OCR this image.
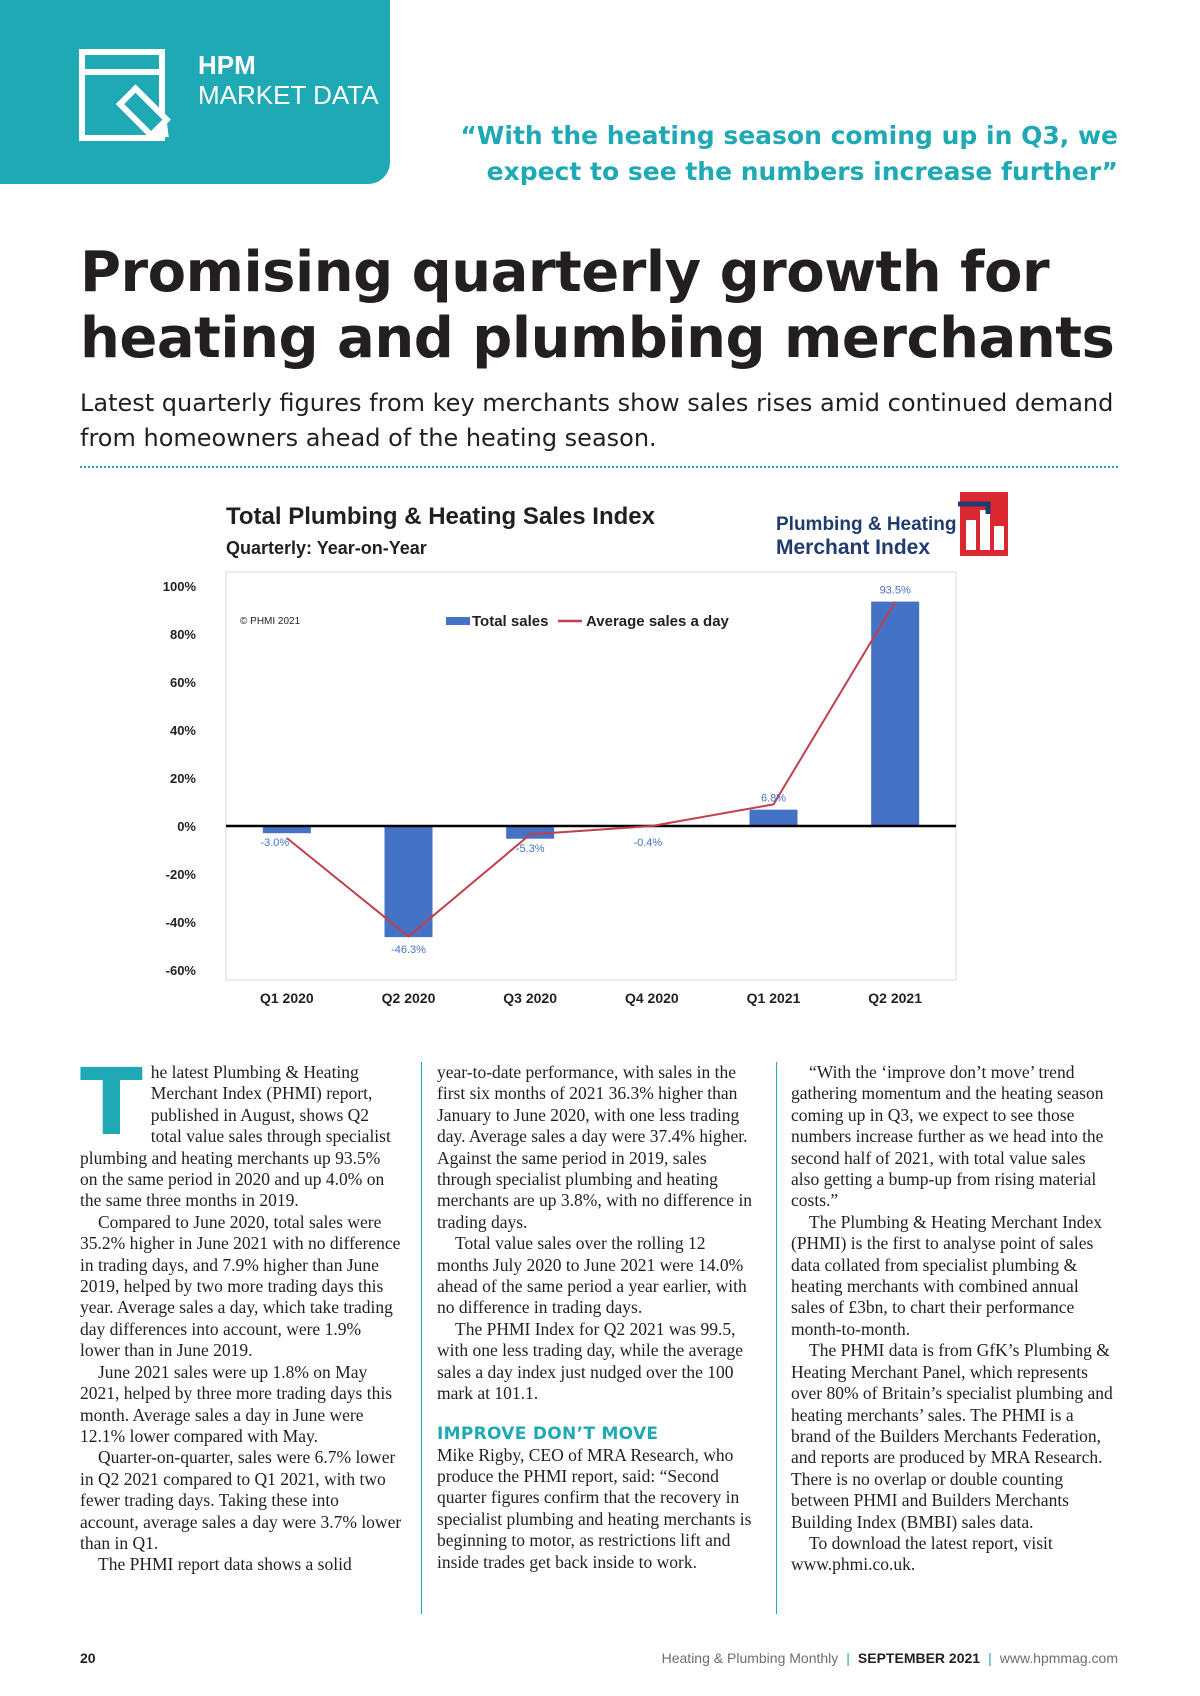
HPM
MARKET DATA
“With the heating season coming up in Q3, we expect to see the numbers increase further”
Promising quarterly growth for heating and plumbing merchants

Latest quarterly figures from key merchants show sales rises amid continued demand from homeowners ahead of the heating season.

Total Plumbing & Heating Sales Index
Quarterly: Year-on-Year
Plumbing & Heating
Merchant Index
© PHMI 2021	Total sales	Average sales a day
-60%
-40%
-20%
0%
20%
40%
60%
80%
100%
-3.0%
-46.3%
-5.3%	-0.4%
6.8%
93.5%
Q1 2020	Q2 2020	Q3 2020	Q4 2020	Q1 2021	Q2 2021
T he latest Plumbing & Heating Merchant Index (PHMI) report, published in August, shows Q2 total value sales through specialist plumbing and heating merchants up 93.5% on the same period in 2020 and up 4.0% on the same three months in 2019.

Compared to June 2020, total sales were 35.2% higher in June 2021 with no difference in trading days, and 7.9% higher than June 2019, helped by two more trading days this year. Average sales a day, which take trading day differences into account, were 1.9% lower than in June 2019.

June 2021 sales were up 1.8% on May 2021, helped by three more trading days this month. Average sales a day in June were 12.1% lower compared with May.

Quarter-on-quarter, sales were 6.7% lower in Q2 2021 compared to Q1 2021, with two fewer trading days. Taking these into account, average sales a day were 3.7% lower than in Q1.

The PHMI report data shows a solid

year-to-date performance, with sales in the first six months of 2021 36.3% higher than January to June 2020, with one less trading day. Average sales a day were 37.4% higher. Against the same period in 2019, sales through specialist plumbing and heating merchants are up 3.8%, with no difference in trading days.

Total value sales over the rolling 12 months July 2020 to June 2021 were 14.0% ahead of the same period a year earlier, with no difference in trading days.

The PHMI Index for Q2 2021 was 99.5, with one less trading day, while the average sales a day index just nudged over the 100 mark at 101.1.

IMPROVE DON’T MOVE

Mike Rigby, CEO of MRA Research, who produce the PHMI report, said: “Second quarter figures confirm that the recovery in specialist plumbing and heating merchants is beginning to motor, as restrictions lift and inside trades get back inside to work.

“With the ‘improve don’t move’ trend gathering momentum and the heating season coming up in Q3, we expect to see those numbers increase further as we head into the second half of 2021, with total value sales also getting a bump-up from rising material costs.”

The Plumbing & Heating Merchant Index (PHMI) is the first to analyse point of sales data collated from specialist plumbing & heating merchants with combined annual sales of £3bn, to chart their performance month-to-month.

The PHMI data is from GfK’s Plumbing & Heating Merchant Panel, which represents over 80% of Britain’s specialist plumbing and heating merchants’ sales. The PHMI is a brand of the Builders Merchants Federation, and reports are produced by MRA Research. There is no overlap or double counting between PHMI and Builders Merchants Building Index (BMBI) sales data.

To download the latest report, visit www.phmi.co.uk.

20	Heating & Plumbing Monthly | SEPTEMBER 2021 | www.hpmmag.com
